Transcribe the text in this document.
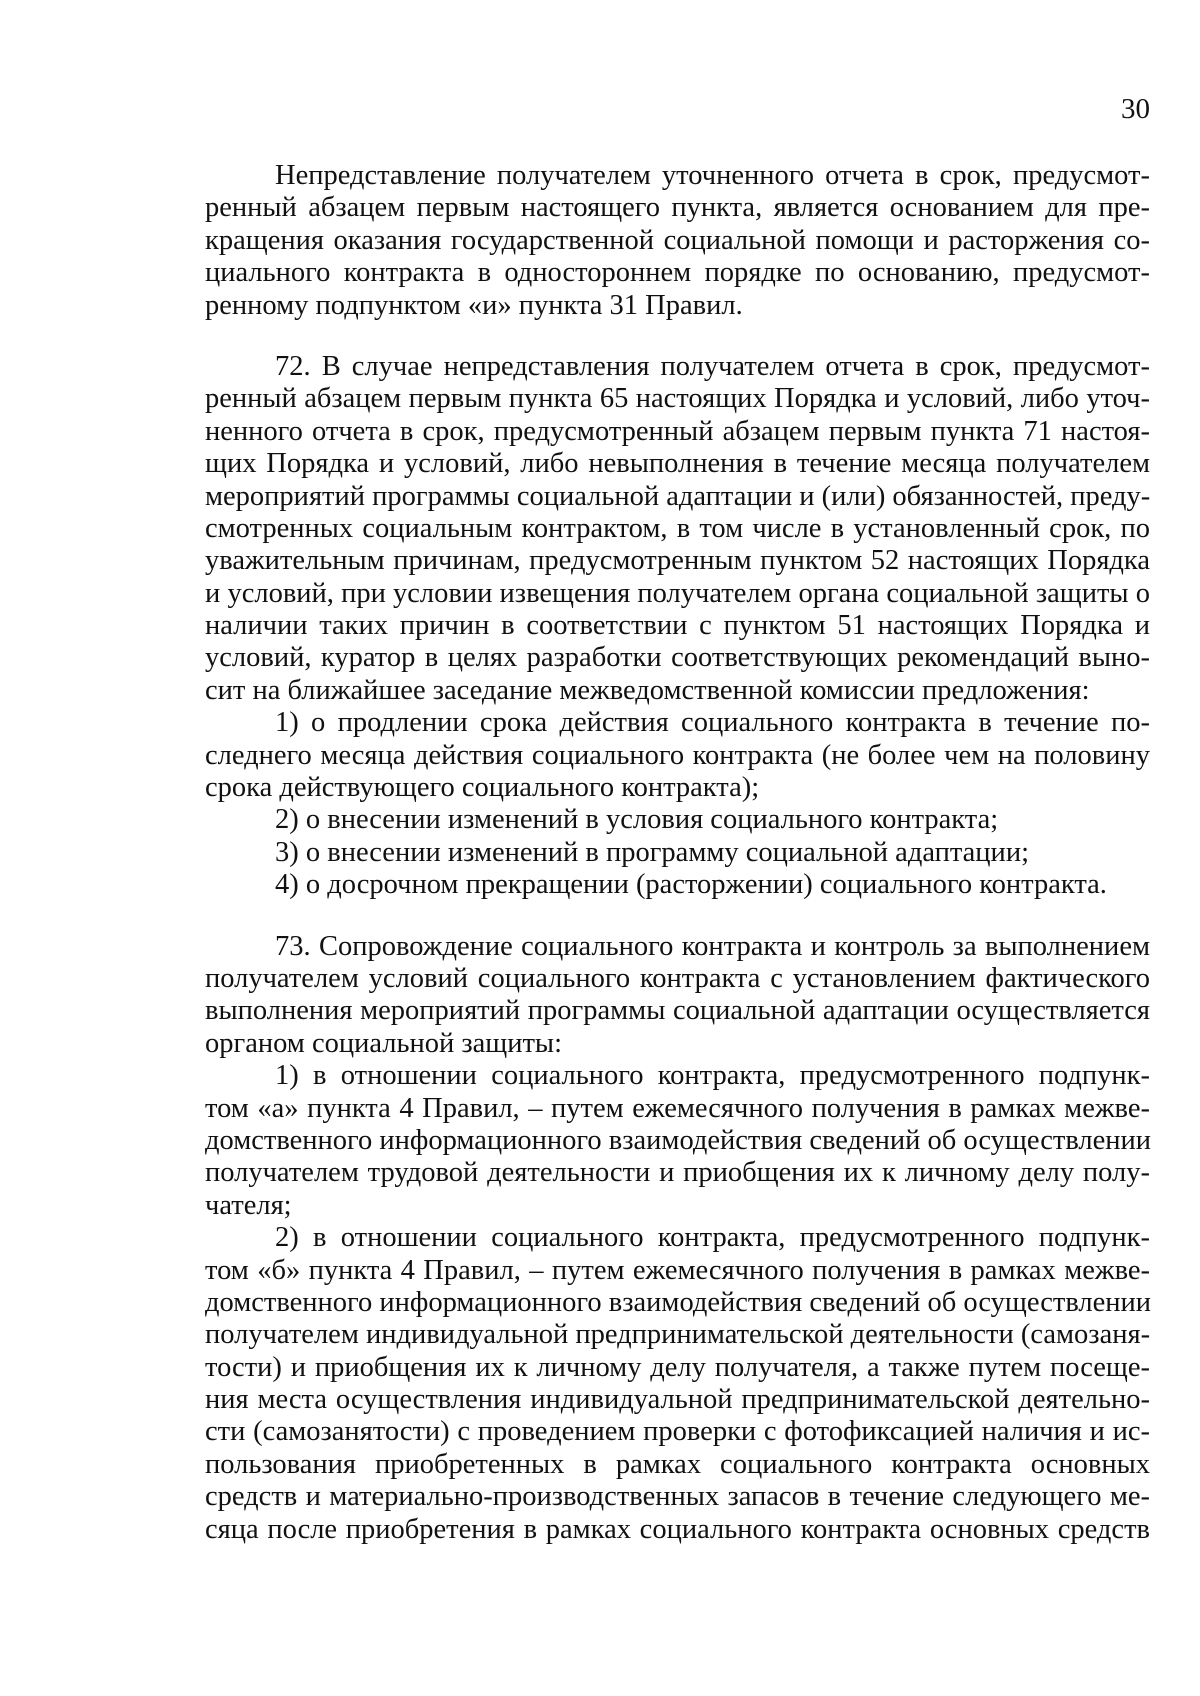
30
Непредставление получателем уточненного отчета в срок, предусмот-
ренный абзацем первым настоящего пункта, является основанием для пре-
кращения оказания государственной социальной помощи и расторжения со-
циального контракта в одностороннем порядке по основанию, предусмот-
ренному подпунктом «и» пункта 31 Правил.
72. В случае непредставления получателем отчета в срок, предусмот-
ренный абзацем первым пункта 65 настоящих Порядка и условий, либо уточ-
ненного отчета в срок, предусмотренный абзацем первым пункта 71 настоя-
щих Порядка и условий, либо невыполнения в течение месяца получателем
мероприятий программы социальной адаптации и (или) обязанностей, преду-
смотренных социальным контрактом, в том числе в установленный срок, по
уважительным причинам, предусмотренным пунктом 52 настоящих Порядка
и условий, при условии извещения получателем органа социальной защиты о
наличии таких причин в соответствии с пунктом 51 настоящих Порядка и
условий, куратор в целях разработки соответствующих рекомендаций выно-
сит на ближайшее заседание межведомственной комиссии предложения:
1) о продлении срока действия социального контракта в течение по-
следнего месяца действия социального контракта (не более чем на половину
срока действующего социального контракта);
2) о внесении изменений в условия социального контракта;
3) о внесении изменений в программу социальной адаптации;
4) о досрочном прекращении (расторжении) социального контракта.
73. Сопровождение социального контракта и контроль за выполнением
получателем условий социального контракта с установлением фактического
выполнения мероприятий программы социальной адаптации осуществляется
органом социальной защиты:
1) в отношении социального контракта, предусмотренного подпунк-
том «а» пункта 4 Правил, – путем ежемесячного получения в рамках межве-
домственного информационного взаимодействия сведений об осуществлении
получателем трудовой деятельности и приобщения их к личному делу полу-
чателя;
2) в отношении социального контракта, предусмотренного подпунк-
том «б» пункта 4 Правил, – путем ежемесячного получения в рамках межве-
домственного информационного взаимодействия сведений об осуществлении
получателем индивидуальной предпринимательской деятельности (самозаня-
тости) и приобщения их к личному делу получателя, а также путем посеще-
ния места осуществления индивидуальной предпринимательской деятельно-
сти (самозанятости) с проведением проверки с фотофиксацией наличия и ис-
пользования приобретенных в рамках социального контракта основных
средств и материально-производственных запасов в течение следующего ме-
сяца после приобретения в рамках социального контракта основных средств
